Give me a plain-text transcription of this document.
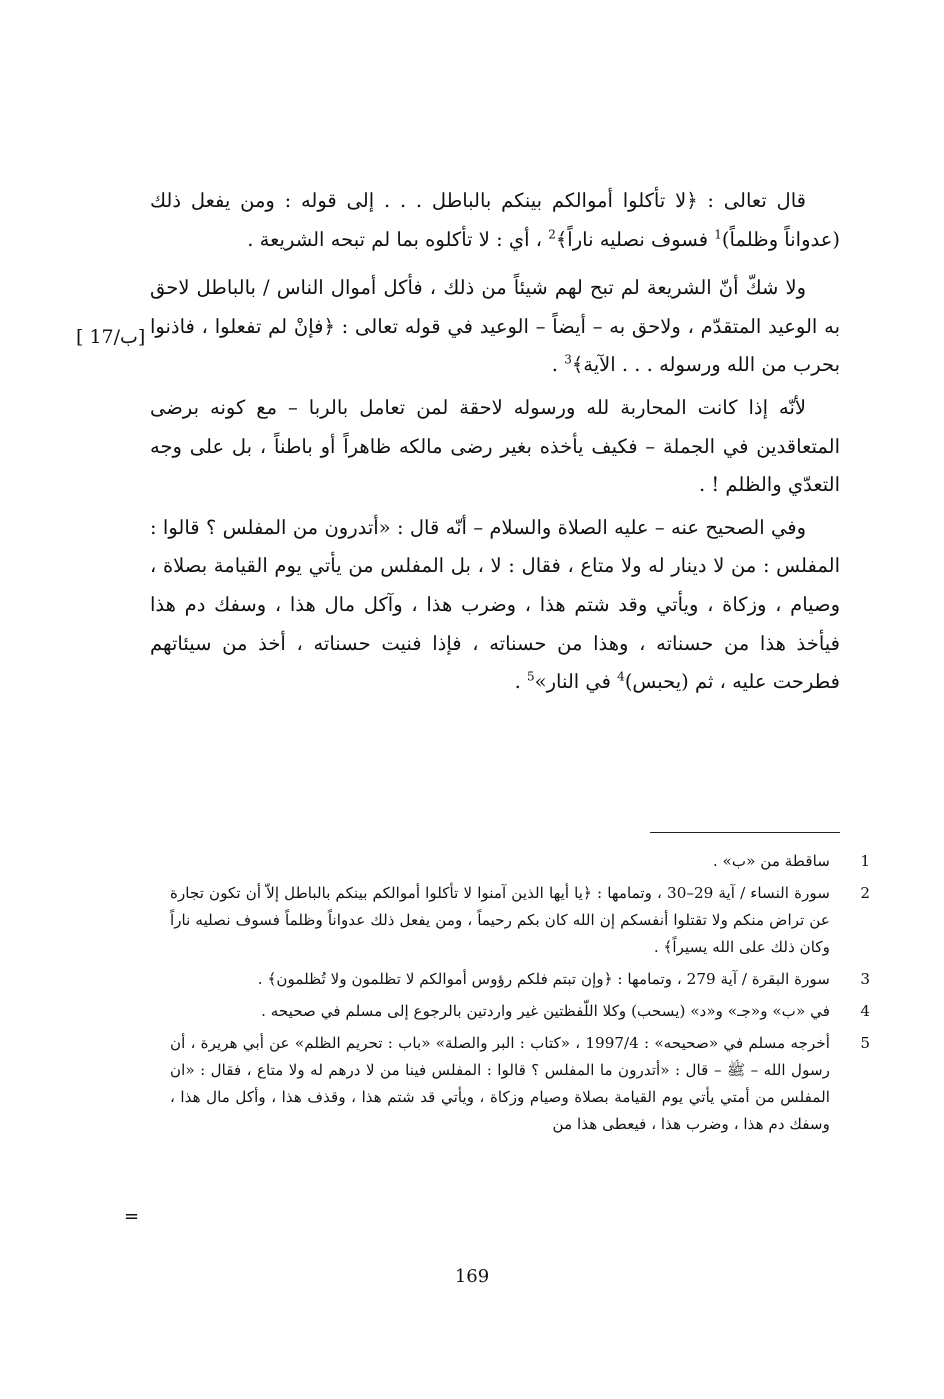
قال تعالى : ﴿لا تأكلوا أموالكم بينكم بالباطل . . . إلى قوله : ومن يفعل ذلك (عدواناً وظلماً)$^1$ فسوف نصليه ناراً﴾$^2$ ، أي : لا تأكلوه بما لم تبحه الشريعة .

ولا شكّ أنّ الشريعة لم تبح لهم شيئاً من ذلك ، فأكل أموال الناس / بالباطل لاحق به الوعيد المتقدّم ، ولاحق به – أيضاً – الوعيد في قوله تعالى : ﴿فإنْ لم تفعلوا ، فاذنوا بحرب من الله ورسوله . . . الآية﴾$^3$ .

لأنّه إذا كانت المحاربة لله ورسوله لاحقة لمن تعامل بالربا – مع كونه برضى المتعاقدين في الجملة – فكيف يأخذه بغير رضى مالكه ظاهراً أو باطناً ، بل على وجه التعدّي والظلم ! .

وفي الصحيح عنه – عليه الصلاة والسلام – أنّه قال : «أتدرون من المفلس ؟ قالوا : المفلس : من لا دينار له ولا متاع ، فقال : لا ، بل المفلس من يأتي يوم القيامة بصلاة ، وصيام ، وزكاة ، ويأتي وقد شتم هذا ، وضرب هذا ، وآكل مال هذا ، وسفك دم هذا فيأخذ هذا من حسناته ، وهذا من حسناته ، فإذا ﻓﻨﻴﺖ حسناته ، أخذ من سيئاتهم فطرحت عليه ، ثم (يحبس)$^4$ في النار»$^5$ .

[ 17/ب]
1
ساقطة من «ب» .
2
سورة النساء / آية 29–30 ، وتمامها : ﴿يا أيها الذين آمنوا لا تأكلوا أموالكم بينكم بالباطل إلاّ أن تكون تجارة عن تراض منكم ولا تقتلوا أنفسكم إن الله كان بكم رحيماً ، ومن يفعل ذلك عدواناً وظلماً فسوف نصليه ناراً وكان ذلك على الله يسيراً﴾ .
3
سورة البقرة / آية 279 ، وتمامها : ﴿وإن تبتم فلكم رؤوس أموالكم لا تظلمون ولا تُظلمون﴾ .
4
في «ب» و«جـ» و«د» (يسحب) وكلا اللّفظتين غير واردتين بالرجوع إلى مسلم في صحيحه .
5
أخرجه مسلم في «صحيحه» : 1997/4 ، «كتاب : البر والصلة» «باب : تحريم الظلم» عن أبي هريرة ، أن رسول الله – ﷺ – قال : «أتدرون ما المفلس ؟ قالوا : المفلس فينا من لا درهم له ولا متاع ، فقال : «ان المفلس من أمتي يأتي يوم القيامة بصلاة وصيام وزكاة ، ويأتي قد شتم هذا ، وقذف هذا ، وأكل مال هذا ، وسفك دم هذا ، وضرب هذا ، فيعطى هذا من
=
169
